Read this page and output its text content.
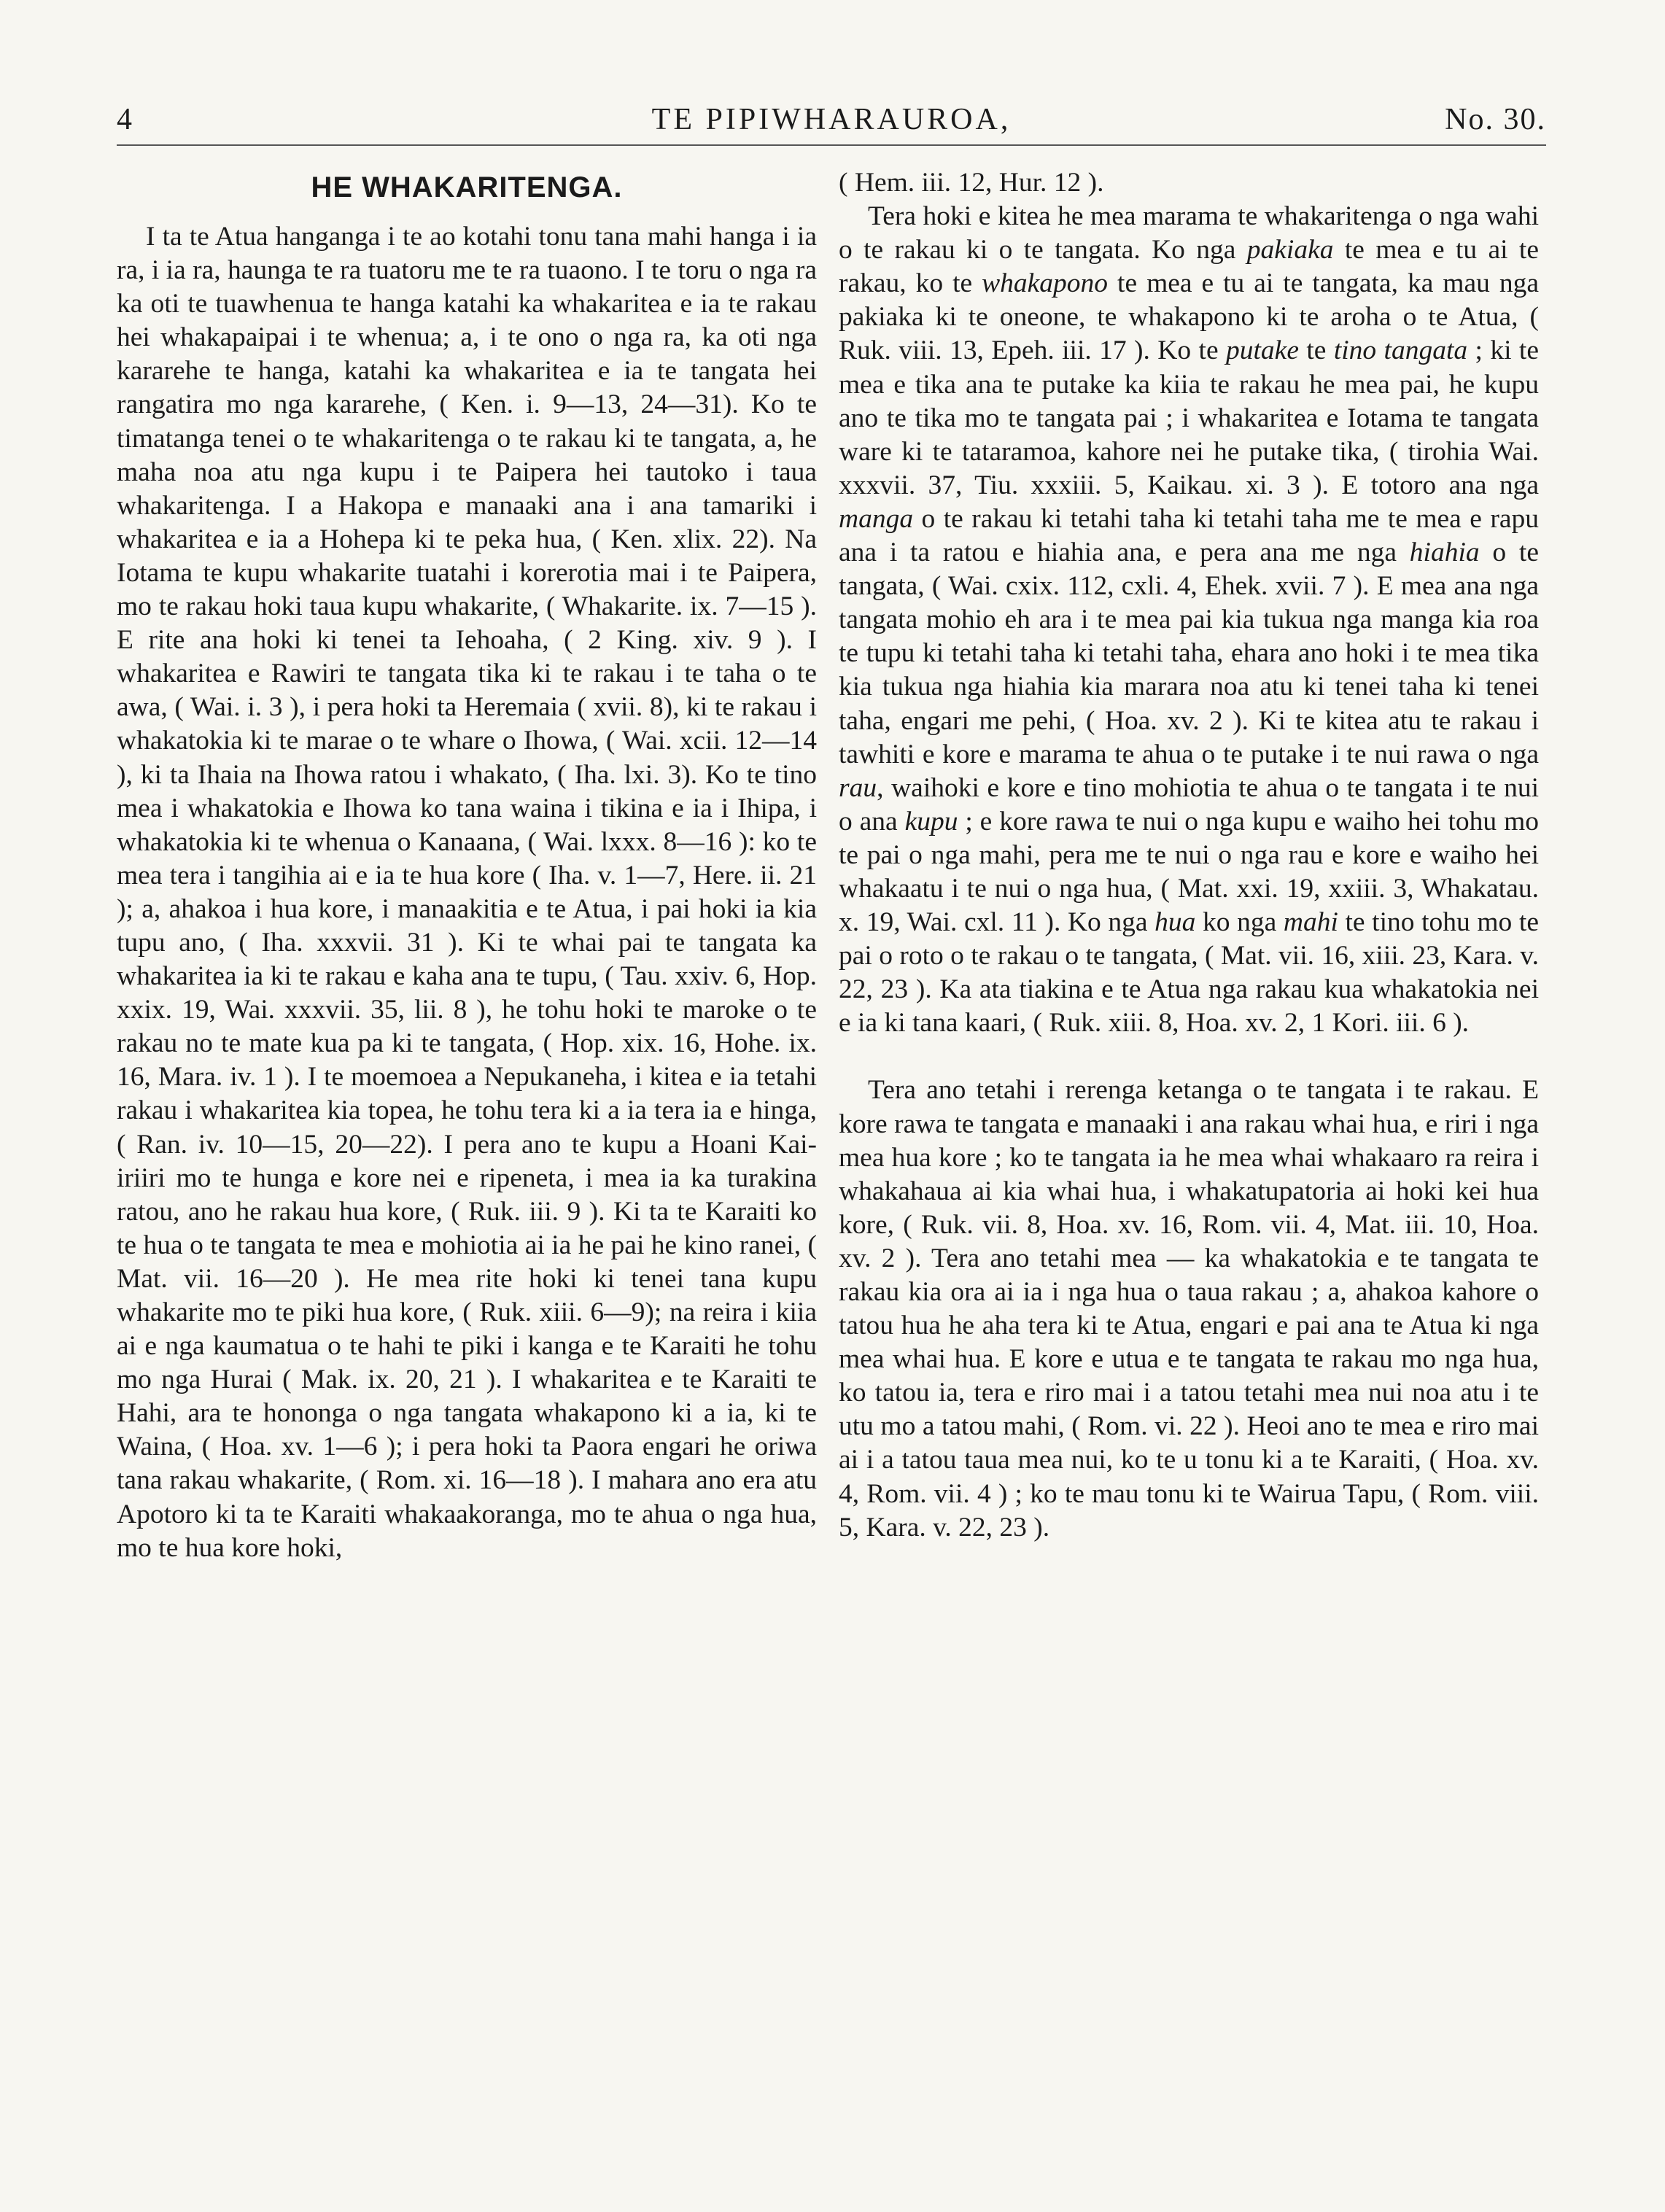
4	TE PIPIWHARAUROA,	No. 30.
HE WHAKARITENGA.

I ta te Atua hanganga i te ao kotahi tonu tana mahi hanga i ia ra, i ia ra, haunga te ra tuatoru me te ra tuaono. I te toru o nga ra ka oti te tuawhenua te hanga katahi ka whakaritea e ia te rakau hei whakapaipai i te whenua; a, i te ono o nga ra, ka oti nga kararehe te hanga, katahi ka whakaritea e ia te tangata hei rangatira mo nga kararehe, ( Ken. i. 9—13, 24—31). Ko te timatanga tenei o te whakaritenga o te rakau ki te tangata, a, he maha noa atu nga kupu i te Paipera hei tautoko i taua whakaritenga. I a Hakopa e manaaki ana i ana tamariki i whakaritea e ia a Hohepa ki te peka hua, ( Ken. xlix. 22). Na Iotama te kupu whakarite tuatahi i korerotia mai i te Paipera, mo te rakau hoki taua kupu whakarite, ( Whakarite. ix. 7—15 ). E rite ana hoki ki tenei ta Iehoaha, ( 2 King. xiv. 9 ). I whakaritea e Rawiri te tangata tika ki te rakau i te taha o te awa, ( Wai. i. 3 ), i pera hoki ta Heremaia ( xvii. 8), ki te rakau i whakatokia ki te marae o te whare o Ihowa, ( Wai. xcii. 12—14 ), ki ta Ihaia na Ihowa ratou i whakato, ( Iha. lxi. 3). Ko te tino mea i whakatokia e Ihowa ko tana waina i tikina e ia i Ihipa, i whakatokia ki te whenua o Kanaana, ( Wai. lxxx. 8—16 ): ko te mea tera i tangihia ai e ia te hua kore ( Iha. v. 1—7, Here. ii. 21 ); a, ahakoa i hua kore, i manaakitia e te Atua, i pai hoki ia kia tupu ano, ( Iha. xxxvii. 31 ). Ki te whai pai te tangata ka whakaritea ia ki te rakau e kaha ana te tupu, ( Tau. xxiv. 6, Hop. xxix. 19, Wai. xxxvii. 35, lii. 8 ), he tohu hoki te maroke o te rakau no te mate kua pa ki te tangata, ( Hop. xix. 16, Hohe. ix. 16, Mara. iv. 1 ). I te moemoea a Nepukaneha, i kitea e ia tetahi rakau i whakaritea kia topea, he tohu tera ki a ia tera ia e hinga, ( Ran. iv. 10—15, 20—22). I pera ano te kupu a Hoani Kai-iriiri mo te hunga e kore nei e ripeneta, i mea ia ka turakina ratou, ano he rakau hua kore, ( Ruk. iii. 9 ). Ki ta te Karaiti ko te hua o te tangata te mea e mohiotia ai ia he pai he kino ranei, ( Mat. vii. 16—20 ). He mea rite hoki ki tenei tana kupu whakarite mo te piki hua kore, ( Ruk. xiii. 6—9); na reira i kiia ai e nga kaumatua o te hahi te piki i kanga e te Karaiti he tohu mo nga Hurai ( Mak. ix. 20, 21 ). I whakaritea e te Karaiti te Hahi, ara te hononga o nga tangata whakapono ki a ia, ki te Waina, ( Hoa. xv. 1—6 ); i pera hoki ta Paora engari he oriwa tana rakau whakarite, ( Rom. xi. 16—18 ). I mahara ano era atu Apotoro ki ta te Karaiti whakaakoranga, mo te ahua o nga hua, mo te hua kore hoki,

( Hem. iii. 12, Hur. 12 ).

Tera hoki e kitea he mea marama te whakaritenga o nga wahi o te rakau ki o te tangata. Ko nga pakiaka te mea e tu ai te rakau, ko te whakapono te mea e tu ai te tangata, ka mau nga pakiaka ki te oneone, te whakapono ki te aroha o te Atua, ( Ruk. viii. 13, Epeh. iii. 17 ). Ko te putake te tino tangata ; ki te mea e tika ana te putake ka kiia te rakau he mea pai, he kupu ano te tika mo te tangata pai ; i whakaritea e Iotama te tangata ware ki te tataramoa, kahore nei he putake tika, ( tirohia Wai. xxxvii. 37, Tiu. xxxiii. 5, Kaikau. xi. 3 ). E totoro ana nga manga o te rakau ki tetahi taha ki tetahi taha me te mea e rapu ana i ta ratou e hiahia ana, e pera ana me nga hiahia o te tangata, ( Wai. cxix. 112, cxli. 4, Ehek. xvii. 7 ). E mea ana nga tangata mohio eh ara i te mea pai kia tukua nga manga kia roa te tupu ki tetahi taha ki tetahi taha, ehara ano hoki i te mea tika kia tukua nga hiahia kia marara noa atu ki tenei taha ki tenei taha, engari me pehi, ( Hoa. xv. 2 ). Ki te kitea atu te rakau i tawhiti e kore e marama te ahua o te putake i te nui rawa o nga rau, waihoki e kore e tino mohiotia te ahua o te tangata i te nui o ana kupu ; e kore rawa te nui o nga kupu e waiho hei tohu mo te pai o nga mahi, pera me te nui o nga rau e kore e waiho hei whakaatu i te nui o nga hua, ( Mat. xxi. 19, xxiii. 3, Whakatau. x. 19, Wai. cxl. 11 ). Ko nga hua ko nga mahi te tino tohu mo te pai o roto o te rakau o te tangata, ( Mat. vii. 16, xiii. 23, Kara. v. 22, 23 ). Ka ata tiakina e te Atua nga rakau kua whakatokia nei e ia ki tana kaari, ( Ruk. xiii. 8, Hoa. xv. 2, 1 Kori. iii. 6 ).

Tera ano tetahi i rerenga ketanga o te tangata i te rakau. E kore rawa te tangata e manaaki i ana rakau whai hua, e riri i nga mea hua kore ; ko te tangata ia he mea whai whakaaro ra reira i whakahaua ai kia whai hua, i whakatupatoria ai hoki kei hua kore, ( Ruk. vii. 8, Hoa. xv. 16, Rom. vii. 4, Mat. iii. 10, Hoa. xv. 2 ). Tera ano tetahi mea — ka whakatokia e te tangata te rakau kia ora ai ia i nga hua o taua rakau ; a, ahakoa kahore o tatou hua he aha tera ki te Atua, engari e pai ana te Atua ki nga mea whai hua. E kore e utua e te tangata te rakau mo nga hua, ko tatou ia, tera e riro mai i a tatou tetahi mea nui noa atu i te utu mo a tatou mahi, ( Rom. vi. 22 ). Heoi ano te mea e riro mai ai i a tatou taua mea nui, ko te u tonu ki a te Karaiti, ( Hoa. xv. 4, Rom. vii. 4 ) ; ko te mau tonu ki te Wairua Tapu, ( Rom. viii. 5, Kara. v. 22, 23 ).
